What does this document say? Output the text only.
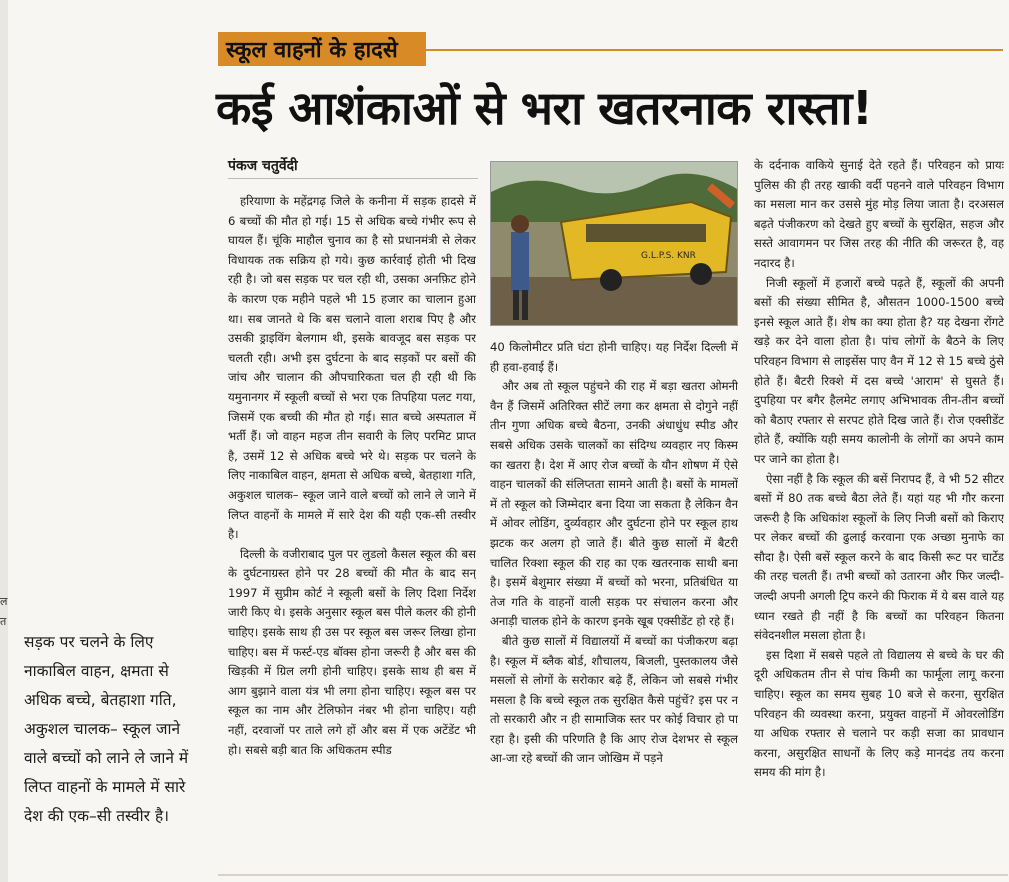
ल
त
स्कूल वाहनों के हादसे
कई आशंकाओं से भरा खतरनाक रास्ता!
पंकज चतुर्वेदी

हरियाणा के महेंद्रगढ़ जिले के कनीना में सड़क हादसे में 6 बच्चों की मौत हो गई। 15 से अधिक बच्चे गंभीर रूप से घायल हैं। चूंकि माहौल चुनाव का है सो प्रधानमंत्री से लेकर विधायक तक सक्रिय हो गये। कुछ कार्रवाई होती भी दिख रही है। जो बस सड़क पर चल रही थी, उसका अनफ़िट होने के कारण एक महीने पहले भी 15 हजार का चालान हुआ था। सब जानते थे कि बस चलाने वाला शराब पिए है और उसकी ड्राइविंग बेलगाम थी, इसके बावजूद बस सड़क पर चलती रही। अभी इस दुर्घटना के बाद सड़कों पर बसों की जांच और चालान की औपचारिकता चल ही रही थी कि यमुनानगर में स्कूली बच्चों से भरा एक तिपहिया पलट गया, जिसमें एक बच्ची की मौत हो गई। सात बच्चे अस्पताल में भर्ती हैं। जो वाहन महज तीन सवारी के लिए परमिट प्राप्त है, उसमें 12 से अधिक बच्चे भरे थे। सड़क पर चलने के लिए नाकाबिल वाहन, क्षमता से अधिक बच्चे, बेतहाशा गति, अकुशल चालक– स्कूल जाने वाले बच्चों को लाने ले जाने में लिप्त वाहनों के मामले में सारे देश की यही एक-सी तस्वीर है।

दिल्ली के वजीराबाद पुल पर लुडलो कैसल स्कूल की बस के दुर्घटनाग्रस्त होने पर 28 बच्चों की मौत के बाद सन् 1997 में सुप्रीम कोर्ट ने स्कूली बसों के लिए दिशा निर्देश जारी किए थे। इसके अनुसार स्कूल बस पीले कलर की होनी चाहिए। इसके साथ ही उस पर स्कूल बस जरूर लिखा होना चाहिए। बस में फर्स्ट-एड बॉक्स होना जरूरी है और बस की खिड़की में ग्रिल लगी होनी चाहिए। इसके साथ ही बस में आग बुझाने वाला यंत्र भी लगा होना चाहिए। स्कूल बस पर स्कूल का नाम और टेलिफोन नंबर भी होना चाहिए। यही नहीं, दरवाजों पर ताले लगे हों और बस में एक अटेंडेंट भी हो। सबसे बड़ी बात कि अधिकतम स्पीड

G.L.P.S. KNR

40 किलोमीटर प्रति घंटा होनी चाहिए। यह निर्देश दिल्ली में ही हवा-हवाई हैं।

और अब तो स्कूल पहुंचने की राह में बड़ा खतरा ओमनी वैन हैं जिसमें अतिरिक्त सीटें लगा कर क्षमता से दोगुने नहीं तीन गुणा अधिक बच्चे बैठना, उनकी अंधाधुंध स्पीड और सबसे अधिक उसके चालकों का संदिग्ध व्यवहार नए किस्म का खतरा है। देश में आए रोज बच्चों के यौन शोषण में ऐसे वाहन चालकों की संलिप्तता सामने आती है। बसों के मामलों में तो स्कूल को जिम्मेदार बना दिया जा सकता है लेकिन वैन में ओवर लोडिंग, दुर्व्यवहार और दुर्घटना होने पर स्कूल हाथ झटक कर अलग हो जाते हैं। बीते कुछ सालों में बैटरी चालित रिक्शा स्कूल की राह का एक खतरनाक साथी बना है। इसमें बेशुमार संख्या में बच्चों को भरना, प्रतिबंधित या तेज गति के वाहनों वाली सड़क पर संचालन करना और अनाड़ी चालक होने के कारण इनके खूब एक्सीडेंट हो रहे हैं।

बीते कुछ सालों में विद्यालयों में बच्चों का पंजीकरण बढ़ा है। स्कूल में ब्लैक बोर्ड, शौचालय, बिजली, पुस्तकालय जैसे मसलों से लोगों के सरोकार बढ़े हैं, लेकिन जो सबसे गंभीर मसला है कि बच्चे स्कूल तक सुरक्षित कैसे पहुंचें? इस पर न तो सरकारी और न ही सामाजिक स्तर पर कोई विचार हो पा रहा है। इसी की परिणति है कि आए रोज देशभर से स्कूल आ-जा रहे बच्चों की जान जोखिम में पड़ने

के दर्दनाक वाकिये सुनाई देते रहते हैं। परिवहन को प्रायः पुलिस की ही तरह खाकी वर्दी पहनने वाले परिवहन विभाग का मसला मान कर उससे मुंह मोड़ लिया जाता है। दरअसल बढ़ते पंजीकरण को देखते हुए बच्चों के सुरक्षित, सहज और सस्ते आवागमन पर जिस तरह की नीति की जरूरत है, वह नदारद है।

निजी स्कूलों में हजारों बच्चे पढ़ते हैं, स्कूलों की अपनी बसों की संख्या सीमित है, औसतन 1000-1500 बच्चे इनसे स्कूल आते हैं। शेष का क्या होता है? यह देखना रोंगटे खड़े कर देने वाला होता है। पांच लोगों के बैठने के लिए परिवहन विभाग से लाइसेंस पाए वैन में 12 से 15 बच्चे ठुंसे होते हैं। बैटरी रिक्शे में दस बच्चे 'आराम' से घुसते हैं। दुपहिया पर बगैर हैलमेट लगाए अभिभावक तीन-तीन बच्चों को बैठाए रफ्तार से सरपट होते दिख जाते हैं। रोज एक्सीडेंट होते हैं, क्योंकि यही समय कालोनी के लोगों का अपने काम पर जाने का होता है।

ऐसा नहीं है कि स्कूल की बसें निरापद हैं, वे भी 52 सीटर बसों में 80 तक बच्चे बैठा लेते हैं। यहां यह भी गौर करना जरूरी है कि अधिकांश स्कूलों के लिए निजी बसों को किराए पर लेकर बच्चों की ढुलाई करवाना एक अच्छा मुनाफे का सौदा है। ऐसी बसें स्कूल करने के बाद किसी रूट पर चार्टेड की तरह चलती हैं। तभी बच्चों को उतारना और फिर जल्दी-जल्दी अपनी अगली ट्रिप करने की फिराक में ये बस वाले यह ध्यान रखते ही नहीं है कि बच्चों का परिवहन कितना संवेदनशील मसला होता है।

इस दिशा में सबसे पहले तो विद्यालय से बच्चे के घर की दूरी अधिकतम तीन से पांच किमी का फार्मूला लागू करना चाहिए। स्कूल का समय सुबह 10 बजे से करना, सुरक्षित परिवहन की व्यवस्था करना, प्रयुक्त वाहनों में ओवरलोडिंग या अधिक रफ्तार से चलाने पर कड़ी सजा का प्रावधान करना, असुरक्षित साधनों के लिए कड़े मानदंड तय करना समय की मांग है।

सड़क पर चलने के लिए नाकाबिल वाहन, क्षमता से अधिक बच्चे, बेतहाशा गति, अकुशल चालक– स्कूल जाने वाले बच्चों को लाने ले जाने में लिप्त वाहनों के मामले में सारे देश की एक–सी तस्वीर है।
